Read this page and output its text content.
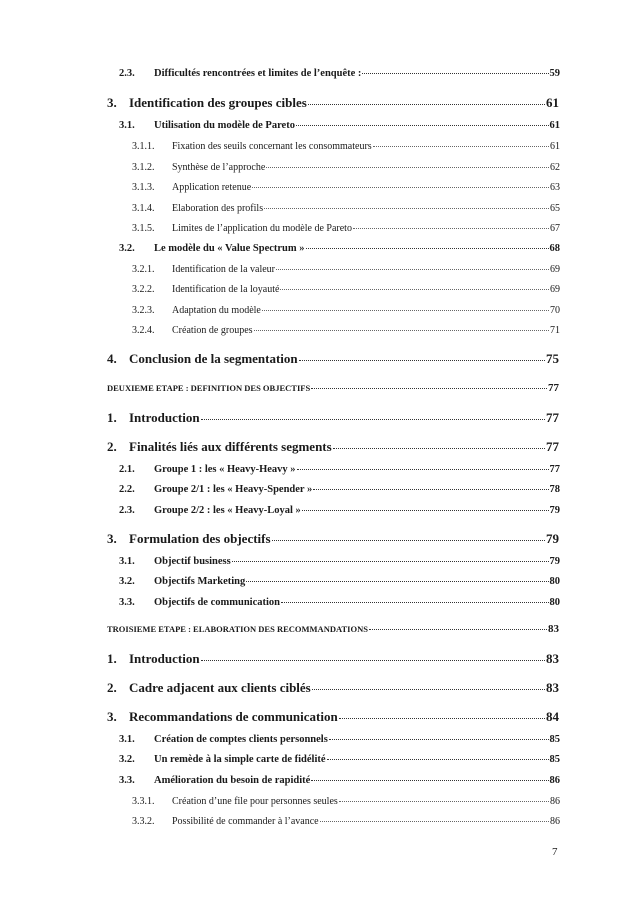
2.3.	Difficultés rencontrées et limites de l’enquête :	59
3. Identification des groupes cibles	61
3.1.	Utilisation du modèle de Pareto	61
3.1.1.	Fixation des seuils concernant les consommateurs	61
3.1.2.	Synthèse de l’approche	62
3.1.3.	Application retenue	63
3.1.4.	Elaboration des profils	65
3.1.5.	Limites de l’application du modèle de Pareto	67
3.2.	Le modèle du « Value Spectrum »	68
3.2.1.	Identification de la valeur	69
3.2.2.	Identification de la loyauté	69
3.2.3.	Adaptation du modèle	70
3.2.4.	Création de groupes	71
4. Conclusion de la segmentation	75
DEUXIEME ETAPE : DEFINITION DES OBJECTIFS	77
1. Introduction	77
2. Finalités liés aux différents segments	77
2.1.	Groupe 1 : les « Heavy-Heavy »	77
2.2.	Groupe 2/1 : les « Heavy-Spender »	78
2.3.	Groupe 2/2 : les « Heavy-Loyal »	79
3. Formulation des objectifs	79
3.1.	Objectif business	79
3.2.	Objectifs Marketing	80
3.3.	Objectifs de communication	80
TROISIEME ETAPE : ELABORATION DES RECOMMANDATIONS	83
1. Introduction	83
2. Cadre adjacent aux clients ciblés	83
3. Recommandations de communication	84
3.1.	Création de comptes clients personnels	85
3.2.	Un remède à la simple carte de fidélité	85
3.3.	Amélioration du besoin de rapidité	86
3.3.1.	Création d’une file pour personnes seules	86
3.3.2.	Possibilité de commander à l’avance	86
7
